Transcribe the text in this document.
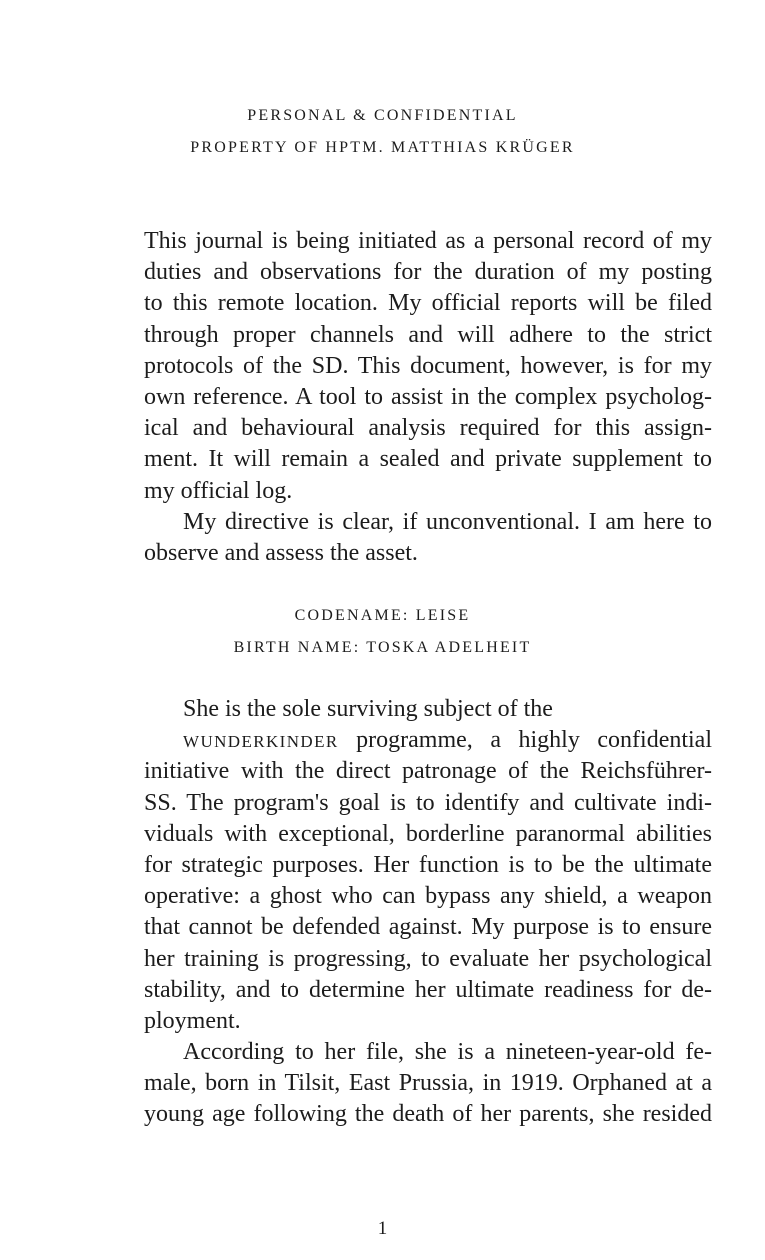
PERSONAL & CONFIDENTIAL
PROPERTY OF HPTM. MATTHIAS KRÜGER
This journal is being initiated as a personal record of my
duties and observations for the duration of my posting
to this remote location. My official reports will be filed
through proper channels and will adhere to the strict
protocols of the SD. This document, however, is for my
own reference. A tool to assist in the complex psycholog-
ical and behavioural analysis required for this assign-
ment. It will remain a sealed and private supplement to
my official log.
My directive is clear, if unconventional. I am here to
observe and assess the asset.
CODENAME: LEISE
BIRTH NAME: TOSKA ADELHEIT
She is the sole surviving subject of the
WUNDERKINDER programme, a highly confidential
initiative with the direct patronage of the Reichsführer-
SS. The program's goal is to identify and cultivate indi-
viduals with exceptional, borderline paranormal abilities
for strategic purposes. Her function is to be the ultimate
operative: a ghost who can bypass any shield, a weapon
that cannot be defended against. My purpose is to ensure
her training is progressing, to evaluate her psychological
stability, and to determine her ultimate readiness for de-
ployment.
According to her file, she is a nineteen-year-old fe-
male, born in Tilsit, East Prussia, in 1919. Orphaned at a
young age following the death of her parents, she resided
1
